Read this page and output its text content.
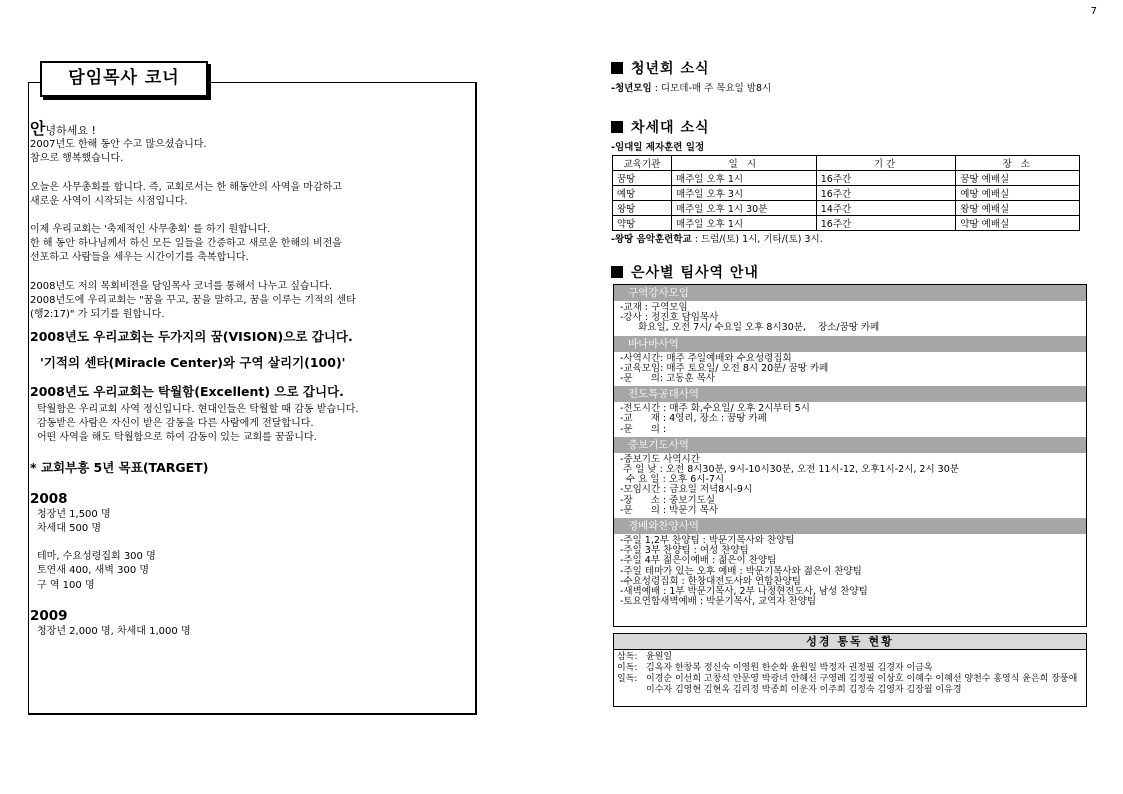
7
담임목사 코너

안녕하세요 !

2007년도 한해 동안 수고 많으셨습니다.

참으로 행복했습니다.

오늘은 사무총회를 합니다. 즉, 교회로서는 한 해동안의 사역을 마감하고

새로운 사역이 시작되는 시점입니다.

이제 우리교회는 '축제적인 사무총회' 를 하기 원합니다.

한 해 동안 하나님께서 하신 모든 일들을 간증하고 새로운 한해의 비전을

선포하고 사람들을 세우는 시간이기를 축복합니다.

2008년도 저의 목회비전을 담임목사 코너를 통해서 나누고 싶습니다.

2008년도에 우리교회는 "꿈을 꾸고, 꿈을 말하고, 꿈을 이루는 기적의 센타

(행2:17)" 가 되기를 원합니다.

2008년도 우리교회는 두가지의 꿈(VISION)으로 갑니다.

'기적의 센타(Miracle Center)와 구역 살리기(100)'

2008년도 우리교회는 탁월함(Excellent) 으로 갑니다.

탁월함은 우리교회 사역 정신입니다. 현대인들은 탁월할 때 감동 받습니다.

감동받은 사람은 자신이 받은 감동을 다른 사람에게 전달합니다.

어떤 사역을 해도 탁월함으로 하여 감동이 있는 교회를 꿈꿉니다.

* 교회부흥 5년 목표(TARGET)

2008

청장년 1,500 명

차세대 500 명

테마, 수요성령집회 300 명

토연새 400, 새벽 300 명

구 역 100 명

2009

청장년 2,000 명, 차세대 1,000 명

청년회 소식
-청년모임 : 디모데-매 주 목요일 밤8시
차세대 소식
-임대일 제자훈련 일정
교육기관	일 시	기간	장 소
꿈땅	매주일 오후 1시	16주간	꿈땅 예배실
예땅	매주일 오후 3시	16주간	예땅 예배실
왕땅	매주일 오후 1시 30분	14주간	왕땅 예배실
약땅	매주일 오후 1시	16주간	약땅 예배실
-왕땅 음악훈련학교 : 드럼/(토) 1시, 기타/(토) 3시.
은사별 팀사역 안내
구역강사모임

-교재 : 구역모임

-강사 : 정진호 담임목사

화요일, 오전 7시/ 수요일 오후 8시30분,    장소/꿈땅 카페

바나바사역

-사역시간: 매주 주일예배와 수요성령집회

-교육모임: 매주 토요일/ 오전 8시 20분/ 꿈땅 카페

-문      의: 고동훈 목사

전도특공대사역

-전도시간 : 매주 화,수요일/ 오후 2시부터 5시

-교      재 : 4영리, 장소 : 꿈땅 카페

-문      의 :

중보기도사역

-중보기도 사역시간

주 일 낮 : 오전 8시30분, 9시-10시30분, 오전 11시-12, 오후1시-2시, 2시 30분

수 요 일 : 오후 6시-7시

-모임시간 : 금요일 저녁8시-9시

-장      소 : 중보기도실

-문      의 : 박문기 목사

경배와찬양사역

-주일 1,2부 찬양팀 : 박문기목사와 찬양팀

-주일 3부 찬양팀 : 여성 찬양팀

-주일 4부 젊은이예배 : 젊은이 찬양팀

-주일 테마가 있는 오후 예배 : 박문기목사와 젊은이 찬양팀

-수요성령집회 : 한창대전도사와 연합찬양팀

-새벽예배 : 1부 박문기목사, 2부 나정현전도사, 남성 찬양팀

-토요연합새벽예배 : 박문기목사, 교역자 찬양팀

성경 통독 현황
삼독: 윤원일
이독: 김옥자 한창복 정신숙 이영원 한순화 윤원일 박정자 권정필 김경자 이금옥
일독: 이경순 이선희 고창석 안문영 박광녀 안혜선 구영례 김정필 이상호 이혜수 이혜선 양천수 홍영식 윤은희 장풍애 이수자 김영현 김현옥 김리정 박종희 이운자 이주희 김정숙 김영자 김장월 이유경
